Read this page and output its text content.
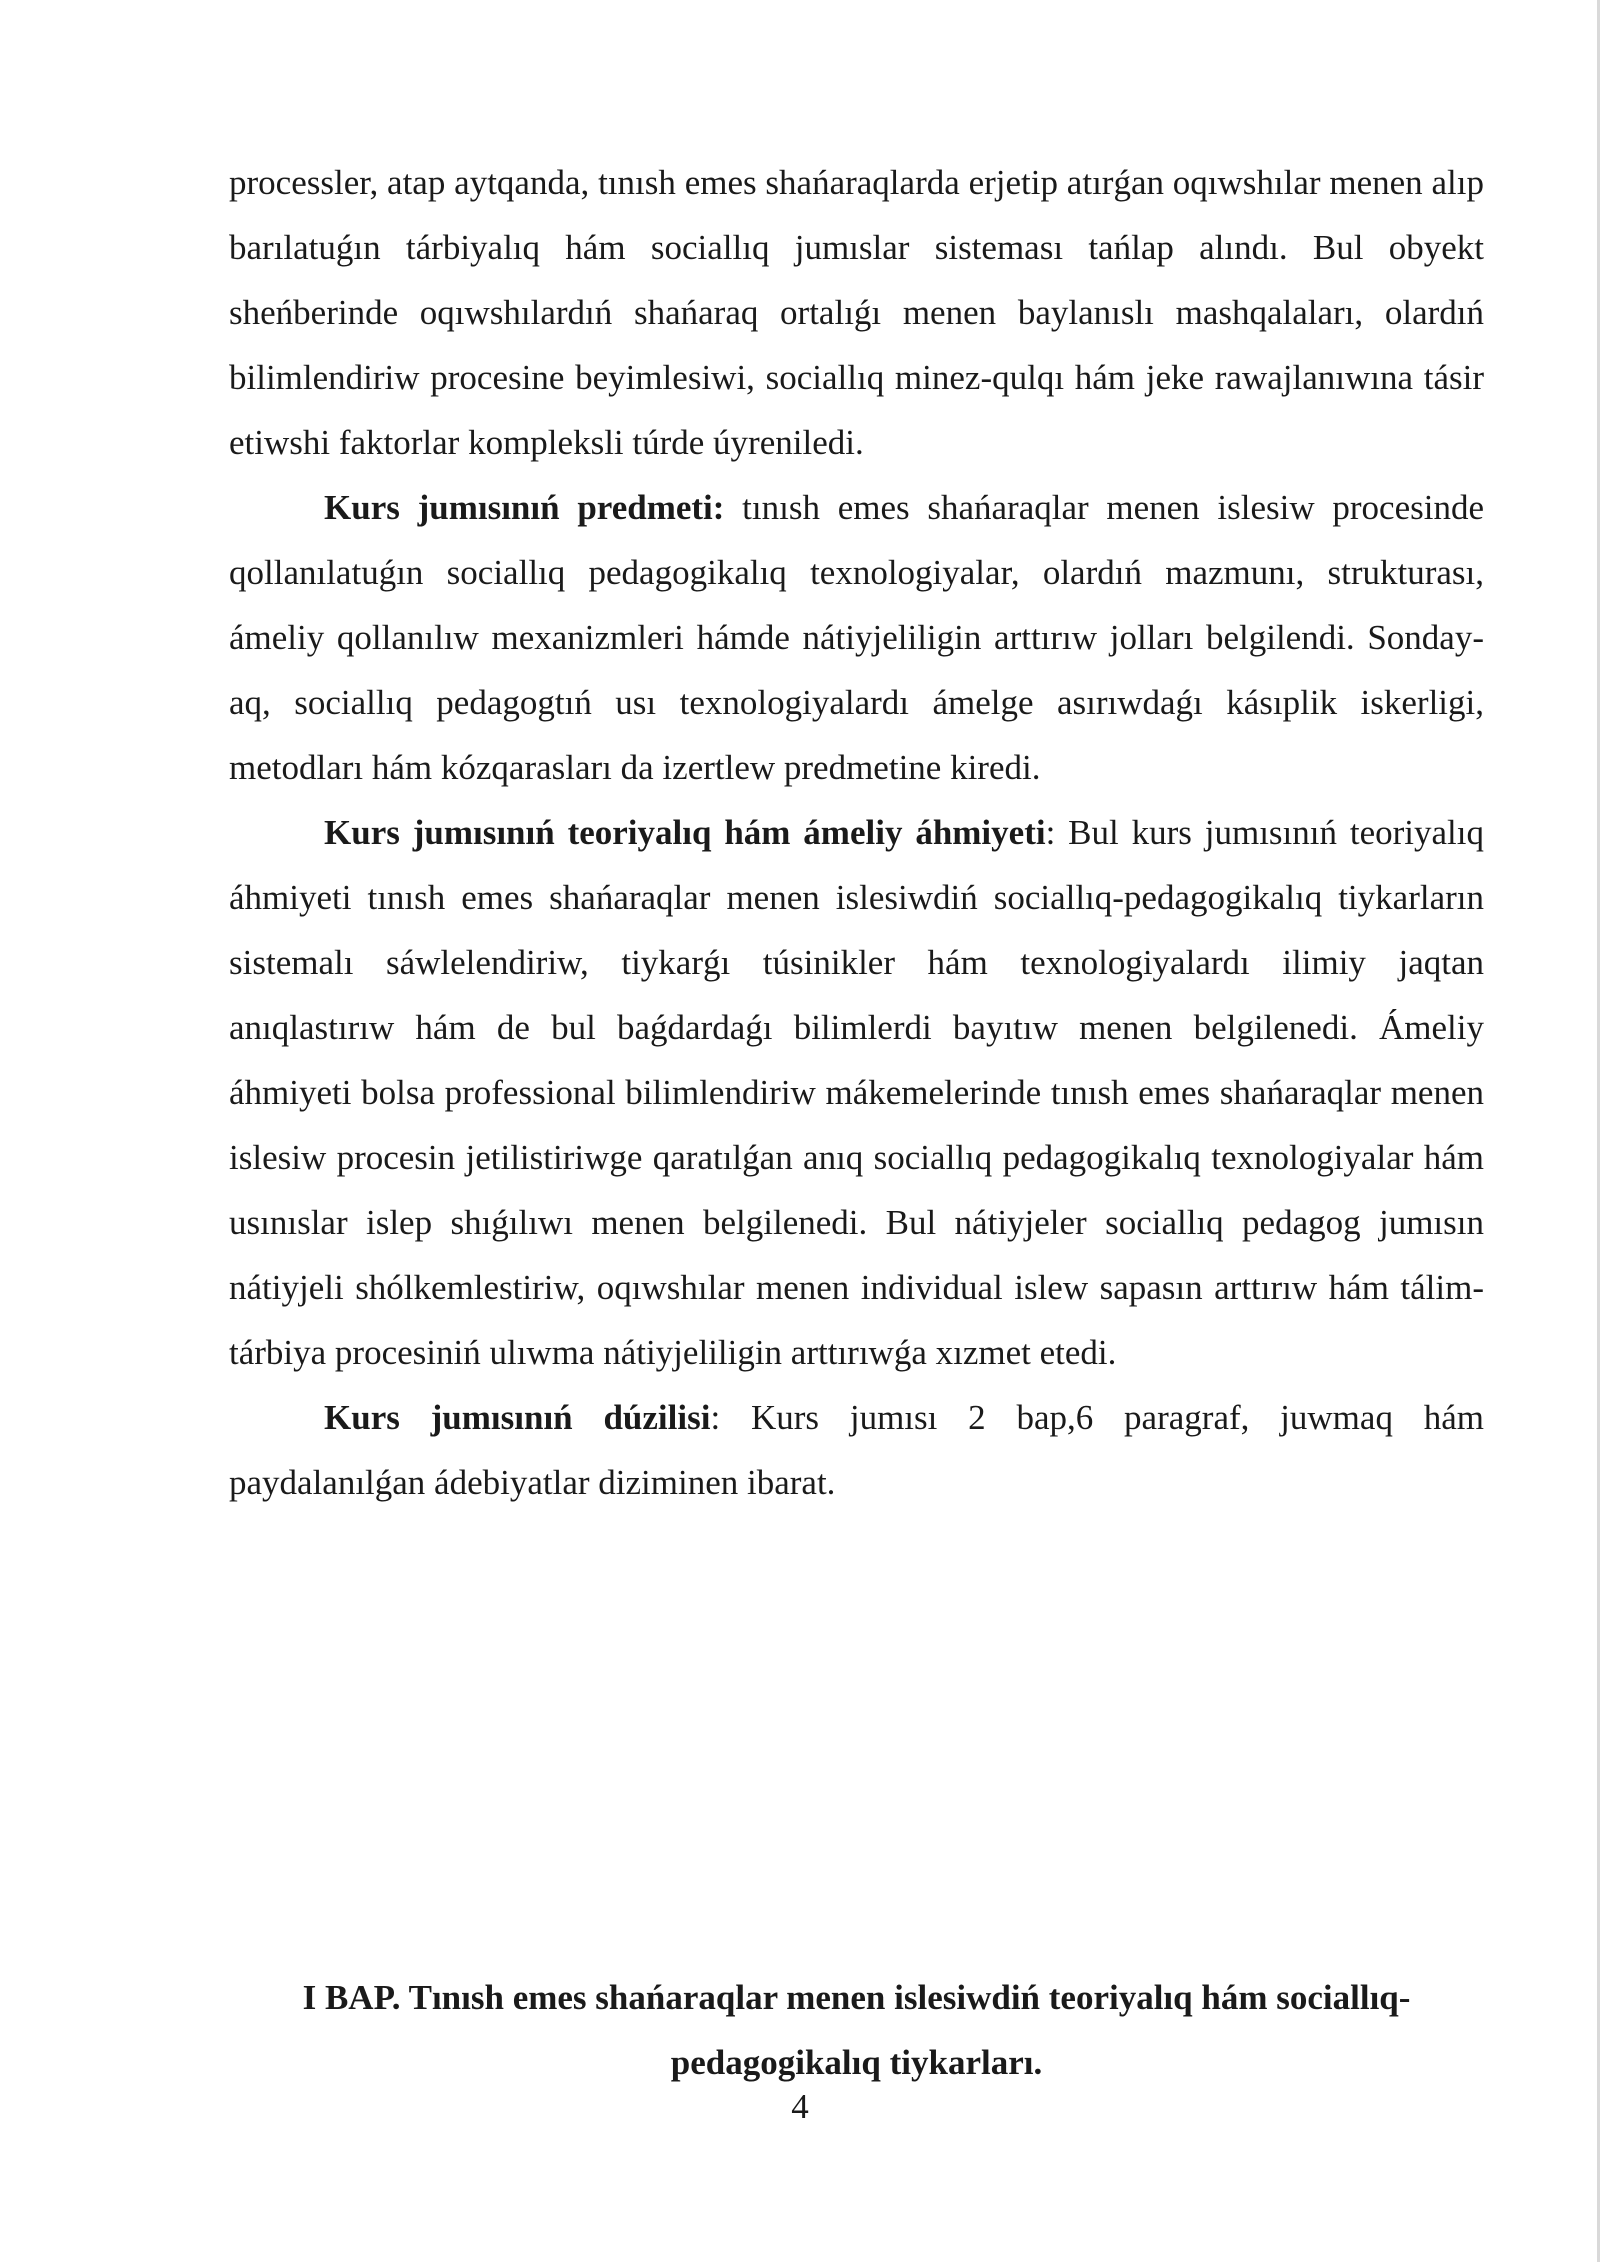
processler, atap aytqanda, tınısh emes shańaraqlarda erjetip atırǵan oqıwshılar menen alıp barılatuǵın tárbiyalıq hám sociallıq jumıslar sisteması tańlap alındı. Bul obyekt sheńberinde oqıwshılardıń shańaraq ortalıǵı menen baylanıslı mashqalaları, olardıń bilimlendiriw procesine beyimlesiwi, sociallıq minez-qulqı hám jeke rawajlanıwına tásir etiwshi faktorlar kompleksli túrde úyreniledi.

Kurs jumısınıń predmeti: tınısh emes shańaraqlar menen islesiw procesinde qollanılatuǵın sociallıq pedagogikalıq texnologiyalar, olardıń mazmunı, strukturası, ámeliy qollanılıw mexanizmleri hámde nátiyjeliligin arttırıw jolları belgilendi. Sonday-aq, sociallıq pedagogtıń usı texnologiyalardı ámelge asırıwdaǵı kásıplik iskerligi, metodları hám kózqarasları da izertlew predmetine kiredi.

Kurs jumısınıń teoriyalıq hám ámeliy áhmiyeti: Bul kurs jumısınıń teoriyalıq áhmiyeti tınısh emes shańaraqlar menen islesiwdiń sociallıq-pedagogikalıq tiykarların sistemalı sáwlelendiriw, tiykarǵı túsinikler hám texnologiyalardı ilimiy jaqtan anıqlastırıw hám de bul baǵdardaǵı bilimlerdi bayıtıw menen belgilenedi. Ámeliy áhmiyeti bolsa professional bilimlendiriw mákemelerinde tınısh emes shańaraqlar menen islesiw procesin jetilistiriwge qaratılǵan anıq sociallıq pedagogikalıq texnologiyalar hám usınıslar islep shıǵılıwı menen belgilenedi. Bul nátiyjeler sociallıq pedagog jumısın nátiyjeli shólkemlestiriw, oqıwshılar menen individual islew sapasın arttırıw hám tálim-tárbiya procesiniń ulıwma nátiyjeliligin arttırıwǵa xızmet etedi.

Kurs jumısınıń dúzilisi: Kurs jumısı 2 bap,6 paragraf, juwmaq hám paydalanılǵan ádebiyatlar diziminen ibarat.

I BAP. Tınısh emes shańaraqlar menen islesiwdiń teoriyalıq hám sociallıq-pedagogikalıq tiykarları.

4
